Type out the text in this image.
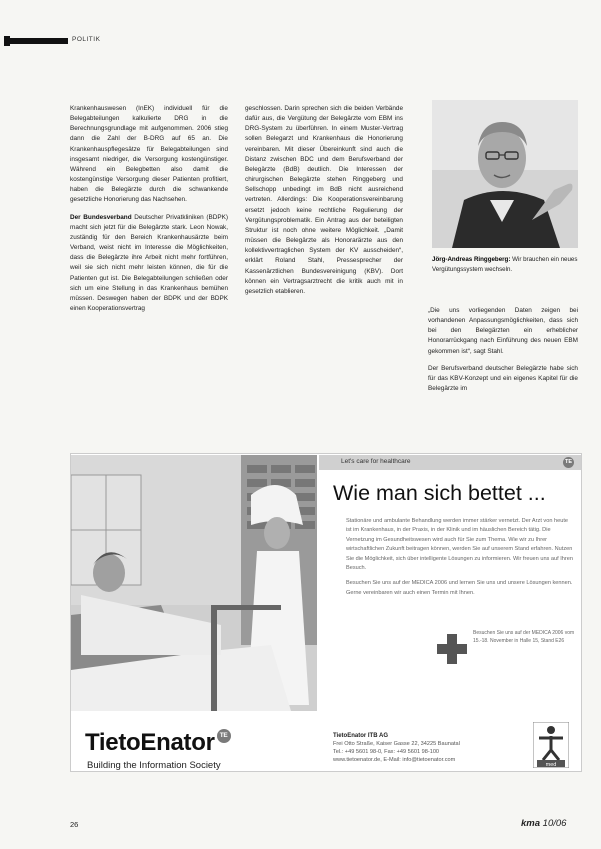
POLITIK

Krankenhauswesen (InEK) individuell für die Belegabteilungen kalkulierte DRG in die Berechnungsgrundlage mit aufgenommen. 2006 stieg dann die Zahl der B-DRG auf 65 an. Die Krankenhauspflegesätze für Belegabteilungen sind insgesamt niedriger, die Versorgung kostengünstiger. Während ein Belegbetten also damit die kostengünstige Versorgung dieser Patienten profitiert, haben die Belegärzte durch die schwankende gesetzliche Honorierung das Nachsehen.

Der Bundesverband Deutscher Privatkliniken (BDPK) macht sich jetzt für die Belegärzte stark. Leon Nowak, zuständig für den Bereich Krankenhausärzte beim Verband, weist nicht im Interesse die Möglichkeiten, dass die Belegärzte ihre Arbeit nicht mehr fortführen, weil sie sich nicht mehr leisten können, die für die Patienten gut ist. Die Belegabteilungen schließen oder sich um eine Stellung in das Krankenhaus bemühen müssen. Deswegen haben der BDPK und der BDPK einen Kooperationsvertrag

geschlossen. Darin sprechen sich die beiden Verbände dafür aus, die Vergütung der Belegärzte vom EBM ins DRG-System zu überführen. In einem Muster-Vertrag sollen Belegarzt und Krankenhaus die Honorierung vereinbaren. Mit dieser Übereinkunft sind auch die Distanz zwischen BDC und dem Berufsverband der Belegärzte (BdB) deutlich. Die Interessen der chirurgischen Belegärzte stehen Ringgeberg und Sellschopp unbedingt im BdB nicht ausreichend vertreten. Allerdings: Die Kooperationsvereinbarung ersetzt jedoch keine rechtliche Regulierung der Vergütungsproblematik. Ein Antrag aus der beteiligten Struktur ist noch ohne weitere Möglichkeit. „Damit müssen die Belegärzte als Honorarärzte aus den kollektivvertraglichen System der KV ausscheiden“, erklärt Roland Stahl, Pressesprecher der Kassenärztlichen Bundesvereinigung (KBV). Dort können ein Vertragsarztrecht die kritik auch mit in gesetzlich etablieren.

Jörg-Andreas Ringgeberg: Wir brauchen ein neues Vergütungssystem wechseln.

„Die uns vorliegenden Daten zeigen bei vorhandenen Anpassungsmöglichkeiten, dass sich bei den Belegärzten ein erheblicher Honorarrückgang nach Einführung des neuen EBM gekommen ist“, sagt Stahl.

Der Berufsverband deutscher Belegärzte habe sich für das KBV-Konzept und ein eigenes Kapitel für die Belegärzte im

Let's care for healthcare	TE
Wie man sich bettet ...

Stationäre und ambulante Behandlung werden immer stärker vernetzt. Der Arzt von heute ist im Krankenhaus, in der Praxis, in der Klinik und im häuslichen Bereich tätig. Die Vernetzung im Gesundheitswesen wird auch für Sie zum Thema. Wie wir zu Ihrer wirtschaftlichen Zukunft beitragen können, werden Sie auf unserem Stand erfahren. Nutzen Sie die Möglichkeit, sich über intelligente Lösungen zu informieren. Wir freuen uns auf Ihren Besuch.

Besuchen Sie uns auf der MEDICA 2006 und lernen Sie uns und unsere Lösungen kennen. Gerne vereinbaren wir auch einen Termin mit Ihnen.

Besuchen Sie uns auf der MEDICA 2006 vom 15.-18. November in Halle 15, Stand E26
TietoEnator TE
Building the Information Society
TietoEnator ITB AG
Frei Otto Straße, Kaiser Gasse 22, 34225 Baunatal
Tel.: +49 5601 98-0, Fax: +49 5601 98-100
www.tietoenator.de, E-Mail: info@tietoenator.com
med
26	kma 10/06
